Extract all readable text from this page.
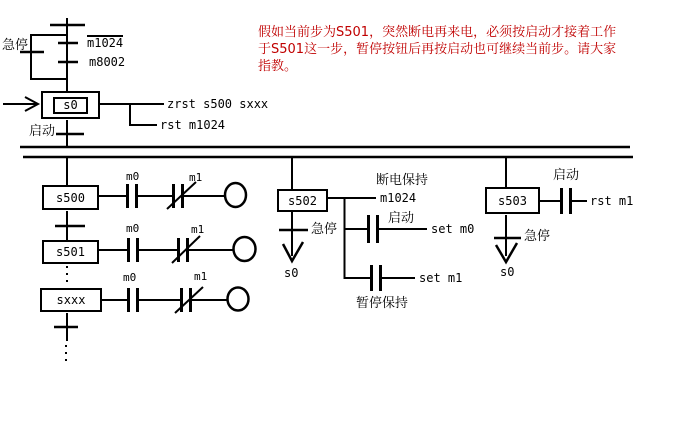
假如当前步为S501，突然断电再来电，必须按启动才接着工作
于S501这一步，暂停按钮后再按启动也可继续当前步。请大家
指教。
急停	m1024
m8002
s0	zrst s500 sxxx
rst m1024
启动
s500
s501
sxxx
m0	m1
m0	m1
m0	m1
s502
断电保持
m1024
启动
set m0
set m1
暂停保持
急停
s0
s503
启动
rst m1
急停
s0
